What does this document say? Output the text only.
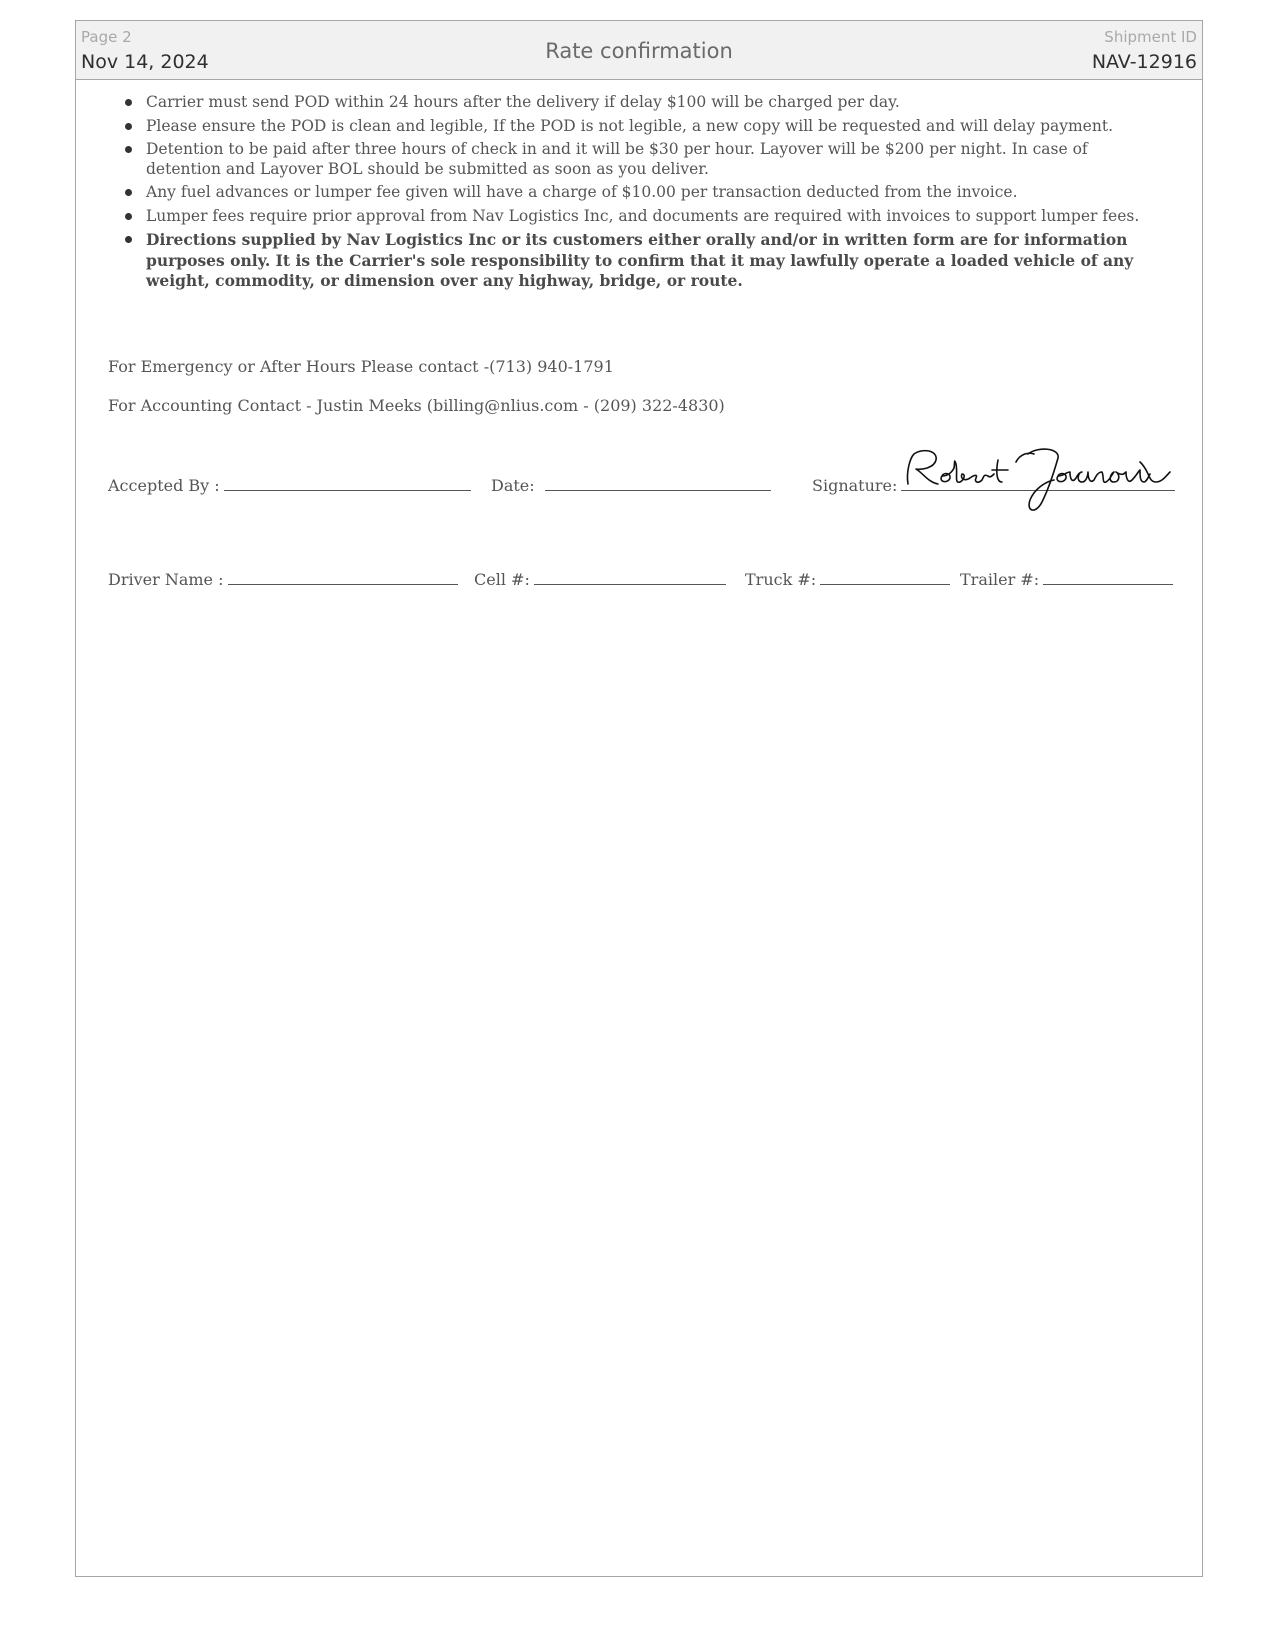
Page 2
Nov 14, 2024	Rate confirmation
Shipment ID
NAV-12916
Carrier must send POD within 24 hours after the delivery if delay $100 will be charged per day.
Please ensure the POD is clean and legible, If the POD is not legible, a new copy will be requested and will delay payment.
Detention to be paid after three hours of check in and it will be $30 per hour. Layover will be $200 per night. In case of detention and Layover BOL should be submitted as soon as you deliver.
Any fuel advances or lumper fee given will have a charge of $10.00 per transaction deducted from the invoice.
Lumper fees require prior approval from Nav Logistics Inc, and documents are required with invoices to support lumper fees.
Directions supplied by Nav Logistics Inc or its customers either orally and/or in written form are for information purposes only. It is the Carrier's sole responsibility to confirm that it may lawfully operate a loaded vehicle of any weight, commodity, or dimension over any highway, bridge, or route.
For Emergency or After Hours Please contact -(713) 940-1791
For Accounting Contact - Justin Meeks (billing@nlius.com - (209) 322-4830)
Accepted By :	Date:	Signature:
Driver Name :	Cell #:	Truck #:	Trailer #:
